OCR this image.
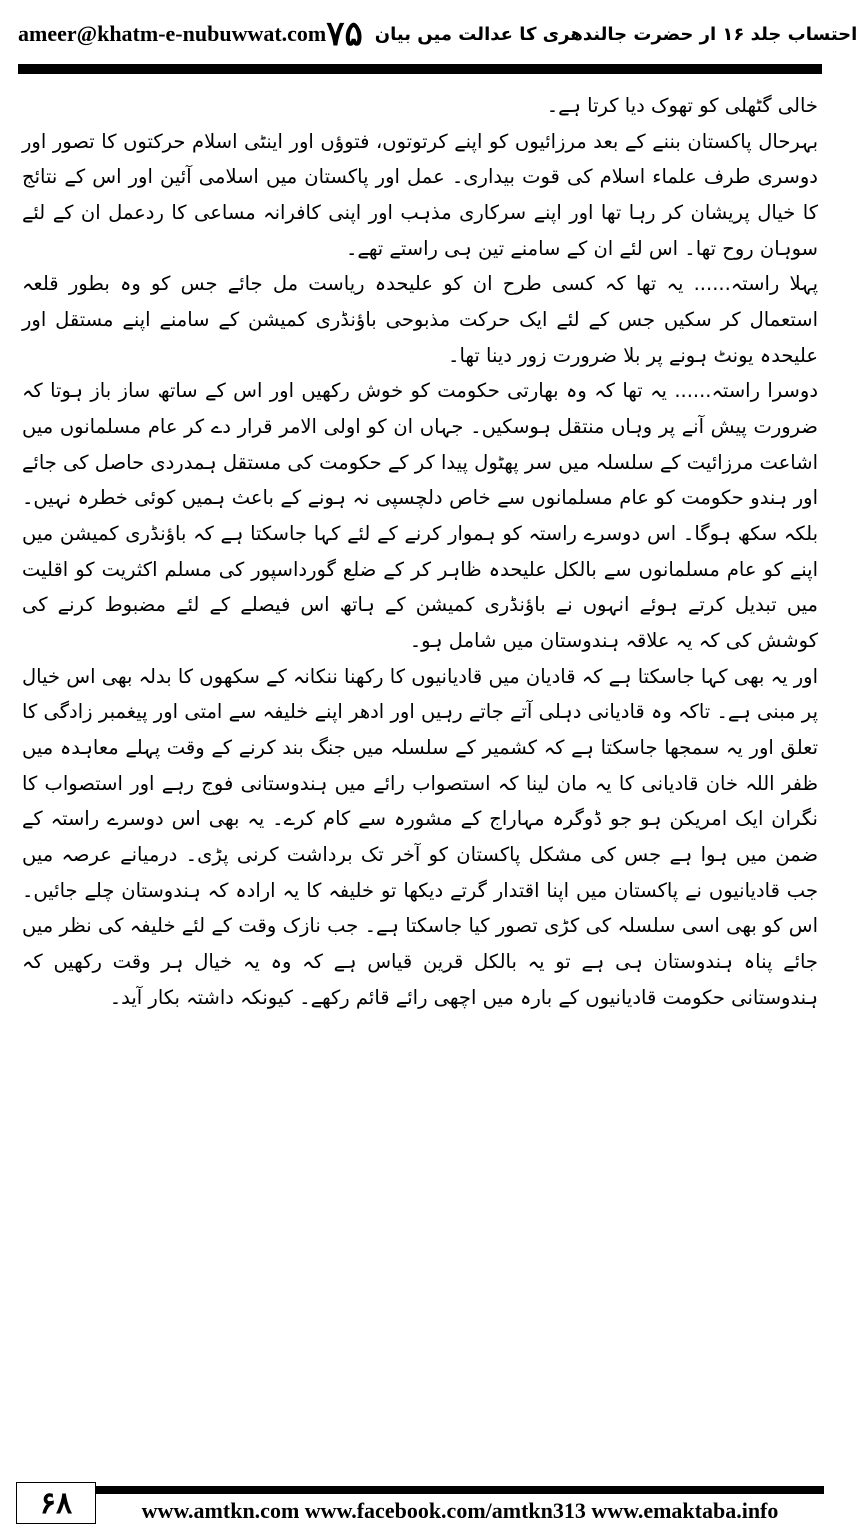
ameer@khatm-e-nubuwwat.com	احتساب جلد ۱۶ ار حضرت جالندھری کا عدالت میں بیان
۷۵

خالی گٹھلی کو تھوک دیا کرتا ہے۔

بہرحال پاکستان بننے کے بعد مرزائیوں کو اپنے کرتوتوں، فتوؤں اور اینٹی اسلام حرکتوں کا تصور اور دوسری طرف علماء اسلام کی قوت بیداری۔ عمل اور پاکستان میں اسلامی آئین اور اس کے نتائج کا خیال پریشان کر رہا تھا اور اپنے سرکاری مذہب اور اپنی کافرانہ مساعی کا ردعمل ان کے لئے سوہان روح تھا۔ اس لئے ان کے سامنے تین ہی راستے تھے۔

پہلا راستہ...... یہ تھا کہ کسی طرح ان کو علیحدہ ریاست مل جائے جس کو وہ بطور قلعہ استعمال کر سکیں جس کے لئے ایک حرکت مذبوحی باؤنڈری کمیشن کے سامنے اپنے مستقل اور علیحدہ یونٹ ہونے پر بلا ضرورت زور دینا تھا۔

دوسرا راستہ...... یہ تھا کہ وہ بھارتی حکومت کو خوش رکھیں اور اس کے ساتھ ساز باز ہوتا کہ ضرورت پیش آنے پر وہاں منتقل ہوسکیں۔ جہاں ان کو اولی الامر قرار دے کر عام مسلمانوں میں اشاعت مرزائیت کے سلسلہ میں سر پھٹول پیدا کر کے حکومت کی مستقل ہمدردی حاصل کی جائے اور ہندو حکومت کو عام مسلمانوں سے خاص دلچسپی نہ ہونے کے باعث ہمیں کوئی خطرہ نہیں۔ بلکہ سکھ ہوگا۔ اس دوسرے راستہ کو ہموار کرنے کے لئے کہا جاسکتا ہے کہ باؤنڈری کمیشن میں اپنے کو عام مسلمانوں سے بالکل علیحدہ ظاہر کر کے ضلع گورداسپور کی مسلم اکثریت کو اقلیت میں تبدیل کرتے ہوئے انہوں نے باؤنڈری کمیشن کے ہاتھ اس فیصلے کے لئے مضبوط کرنے کی کوشش کی کہ یہ علاقہ ہندوستان میں شامل ہو۔

اور یہ بھی کہا جاسکتا ہے کہ قادیان میں قادیانیوں کا رکھنا ننکانہ کے سکھوں کا بدلہ بھی اس خیال پر مبنی ہے۔ تاکہ وہ قادیانی دہلی آتے جاتے رہیں اور ادھر اپنے خلیفہ سے امتی اور پیغمبر زادگی کا تعلق اور یہ سمجھا جاسکتا ہے کہ کشمیر کے سلسلہ میں جنگ بند کرنے کے وقت پہلے معاہدہ میں ظفر اللہ خان قادیانی کا یہ مان لینا کہ استصواب رائے میں ہندوستانی فوج رہے اور استصواب کا نگران ایک امریکن ہو جو ڈوگرہ مہاراج کے مشورہ سے کام کرے۔ یہ بھی اس دوسرے راستہ کے ضمن میں ہوا ہے جس کی مشکل پاکستان کو آخر تک برداشت کرنی پڑی۔ درمیانے عرصہ میں جب قادیانیوں نے پاکستان میں اپنا اقتدار گرتے دیکھا تو خلیفہ کا یہ ارادہ کہ ہندوستان چلے جائیں۔ اس کو بھی اسی سلسلہ کی کڑی تصور کیا جاسکتا ہے۔ جب نازک وقت کے لئے خلیفہ کی نظر میں جائے پناہ ہندوستان ہی ہے تو یہ بالکل قرین قیاس ہے کہ وہ یہ خیال ہر وقت رکھیں کہ ہندوستانی حکومت قادیانیوں کے بارہ میں اچھی رائے قائم رکھے۔ کیونکہ داشتہ بکار آید۔

۶۸	www.amtkn.com www.facebook.com/amtkn313 www.emaktaba.info
